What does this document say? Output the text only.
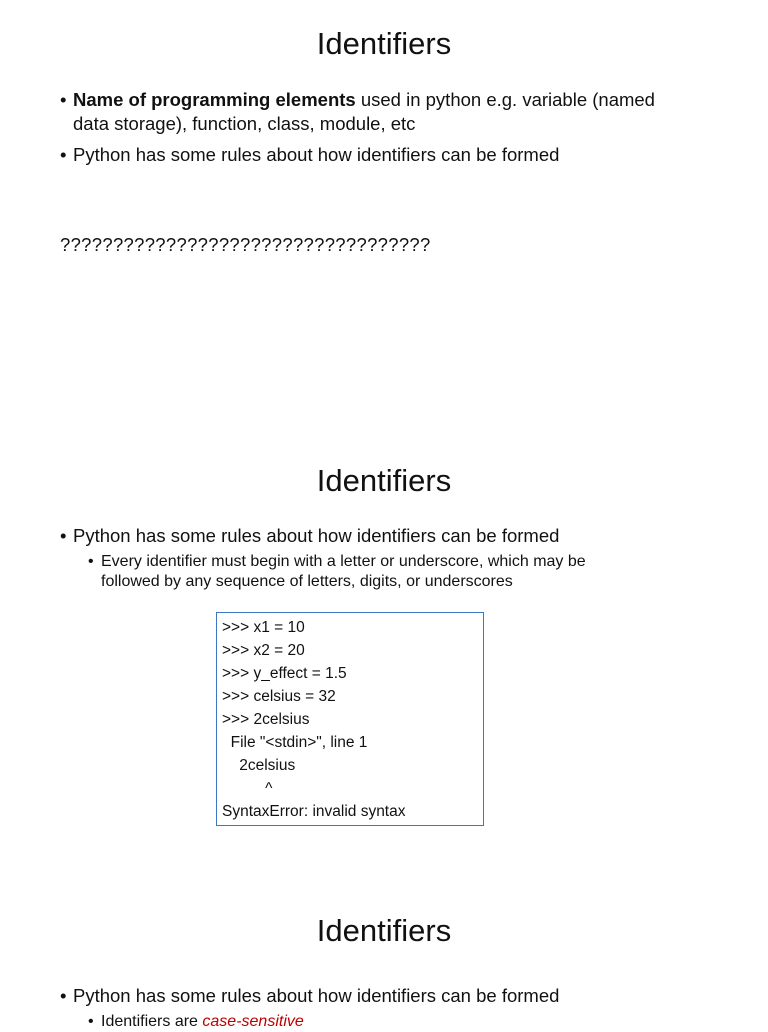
Identifiers
• Name of programming elements used in python e.g. variable (named
data storage), function, class, module, etc
• Python has some rules about how identifiers can be formed
???????????????????????????????????
Identifiers
• Python has some rules about how identifiers can be formed
• Every identifier must begin with a letter or underscore, which may be
followed by any sequence of letters, digits, or underscores
>>> x1 = 10
>>> x2 = 20
>>> y_effect = 1.5
>>> celsius = 32
>>> 2celsius
File "<stdin>", line 1
2celsius
^
SyntaxError: invalid syntax
Identifiers
• Python has some rules about how identifiers can be formed
• Identifiers are case-sensitive
